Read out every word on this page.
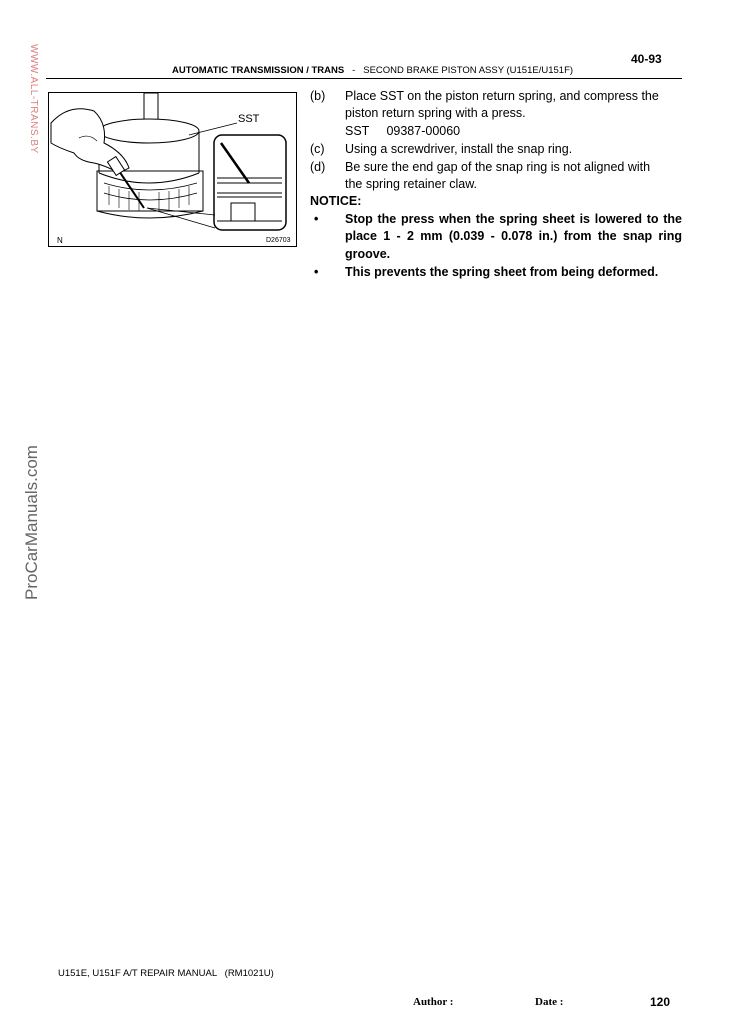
40-93
AUTOMATIC TRANSMISSION / TRANS - SECOND BRAKE PISTON ASSY (U151E/U151F)
WWW.ALL-TRANS.BY
ProCarManuals.com
SST
N	D26703
(b) Place SST on the piston return spring, and compress the
piston return spring with a press.
SST     09387-00060
(c) Using a screwdriver, install the snap ring.
(d) Be sure the end gap of the snap ring is not aligned with
the spring retainer claw.
NOTICE:
• Stop the press when the spring sheet is lowered to the place 1 - 2 mm (0.039 - 0.078 in.) from the snap ring groove.
• This prevents the spring sheet from being deformed.
U151E, U151F A/T REPAIR MANUAL   (RM1021U)
Author :	Date :	120
